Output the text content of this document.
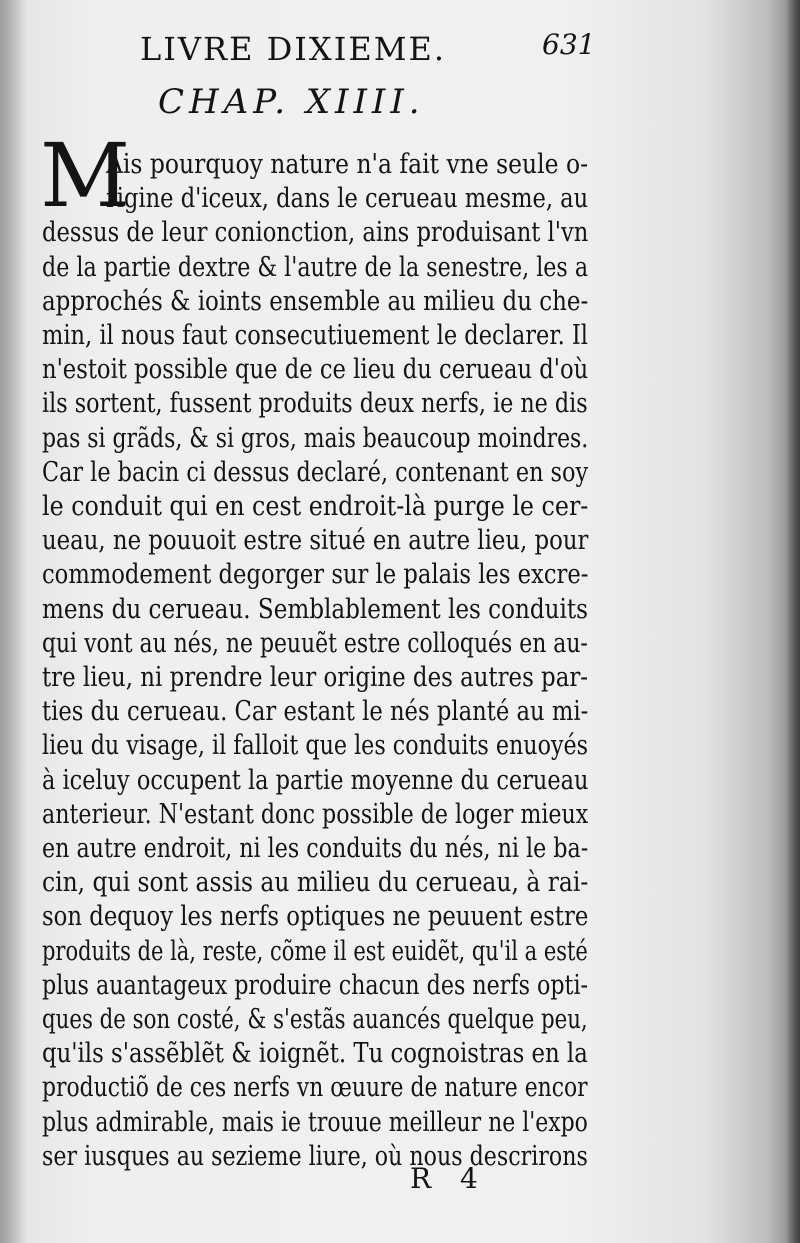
LIVRE DIXIEME.	631
CHAP. XIIII.
M
Ais pourquoy nature n'a fait vne seule o-
rigine d'iceux, dans le cerueau mesme, au
dessus de leur conionction, ains produisant l'vn
de la partie dextre & l'autre de la senestre, les a
approchés & ioints ensemble au milieu du che-
min, il nous faut consecutiuement le declarer. Il
n'estoit possible que de ce lieu du cerueau d'où
ils sortent, fussent produits deux nerfs, ie ne dis
pas si grãds, & si gros, mais beaucoup moindres.
Car le bacin ci dessus declaré, contenant en soy
le conduit qui en cest endroit-là purge le cer-
ueau, ne pouuoit estre situé en autre lieu, pour
commodement degorger sur le palais les excre-
mens du cerueau. Semblablement les conduits
qui vont au nés, ne peuuẽt estre colloqués en au-
tre lieu, ni prendre leur origine des autres par-
ties du cerueau. Car estant le nés planté au mi-
lieu du visage, il falloit que les conduits enuoyés
à iceluy occupent la partie moyenne du cerueau
anterieur. N'estant donc possible de loger mieux
en autre endroit, ni les conduits du nés, ni le ba-
cin, qui sont assis au milieu du cerueau, à rai-
son dequoy les nerfs optiques ne peuuent estre
produits de là, reste, cõme il est euidẽt, qu'il a esté
plus auantageux produire chacun des nerfs opti-
ques de son costé, & s'estãs auancés quelque peu,
qu'ils s'assẽblẽt & ioignẽt. Tu cognoistras en la
productiõ de ces nerfs vn œuure de nature encor
plus admirable, mais ie trouue meilleur ne l'expo
ser iusques au sezieme liure, où nous descrirons
R 4
